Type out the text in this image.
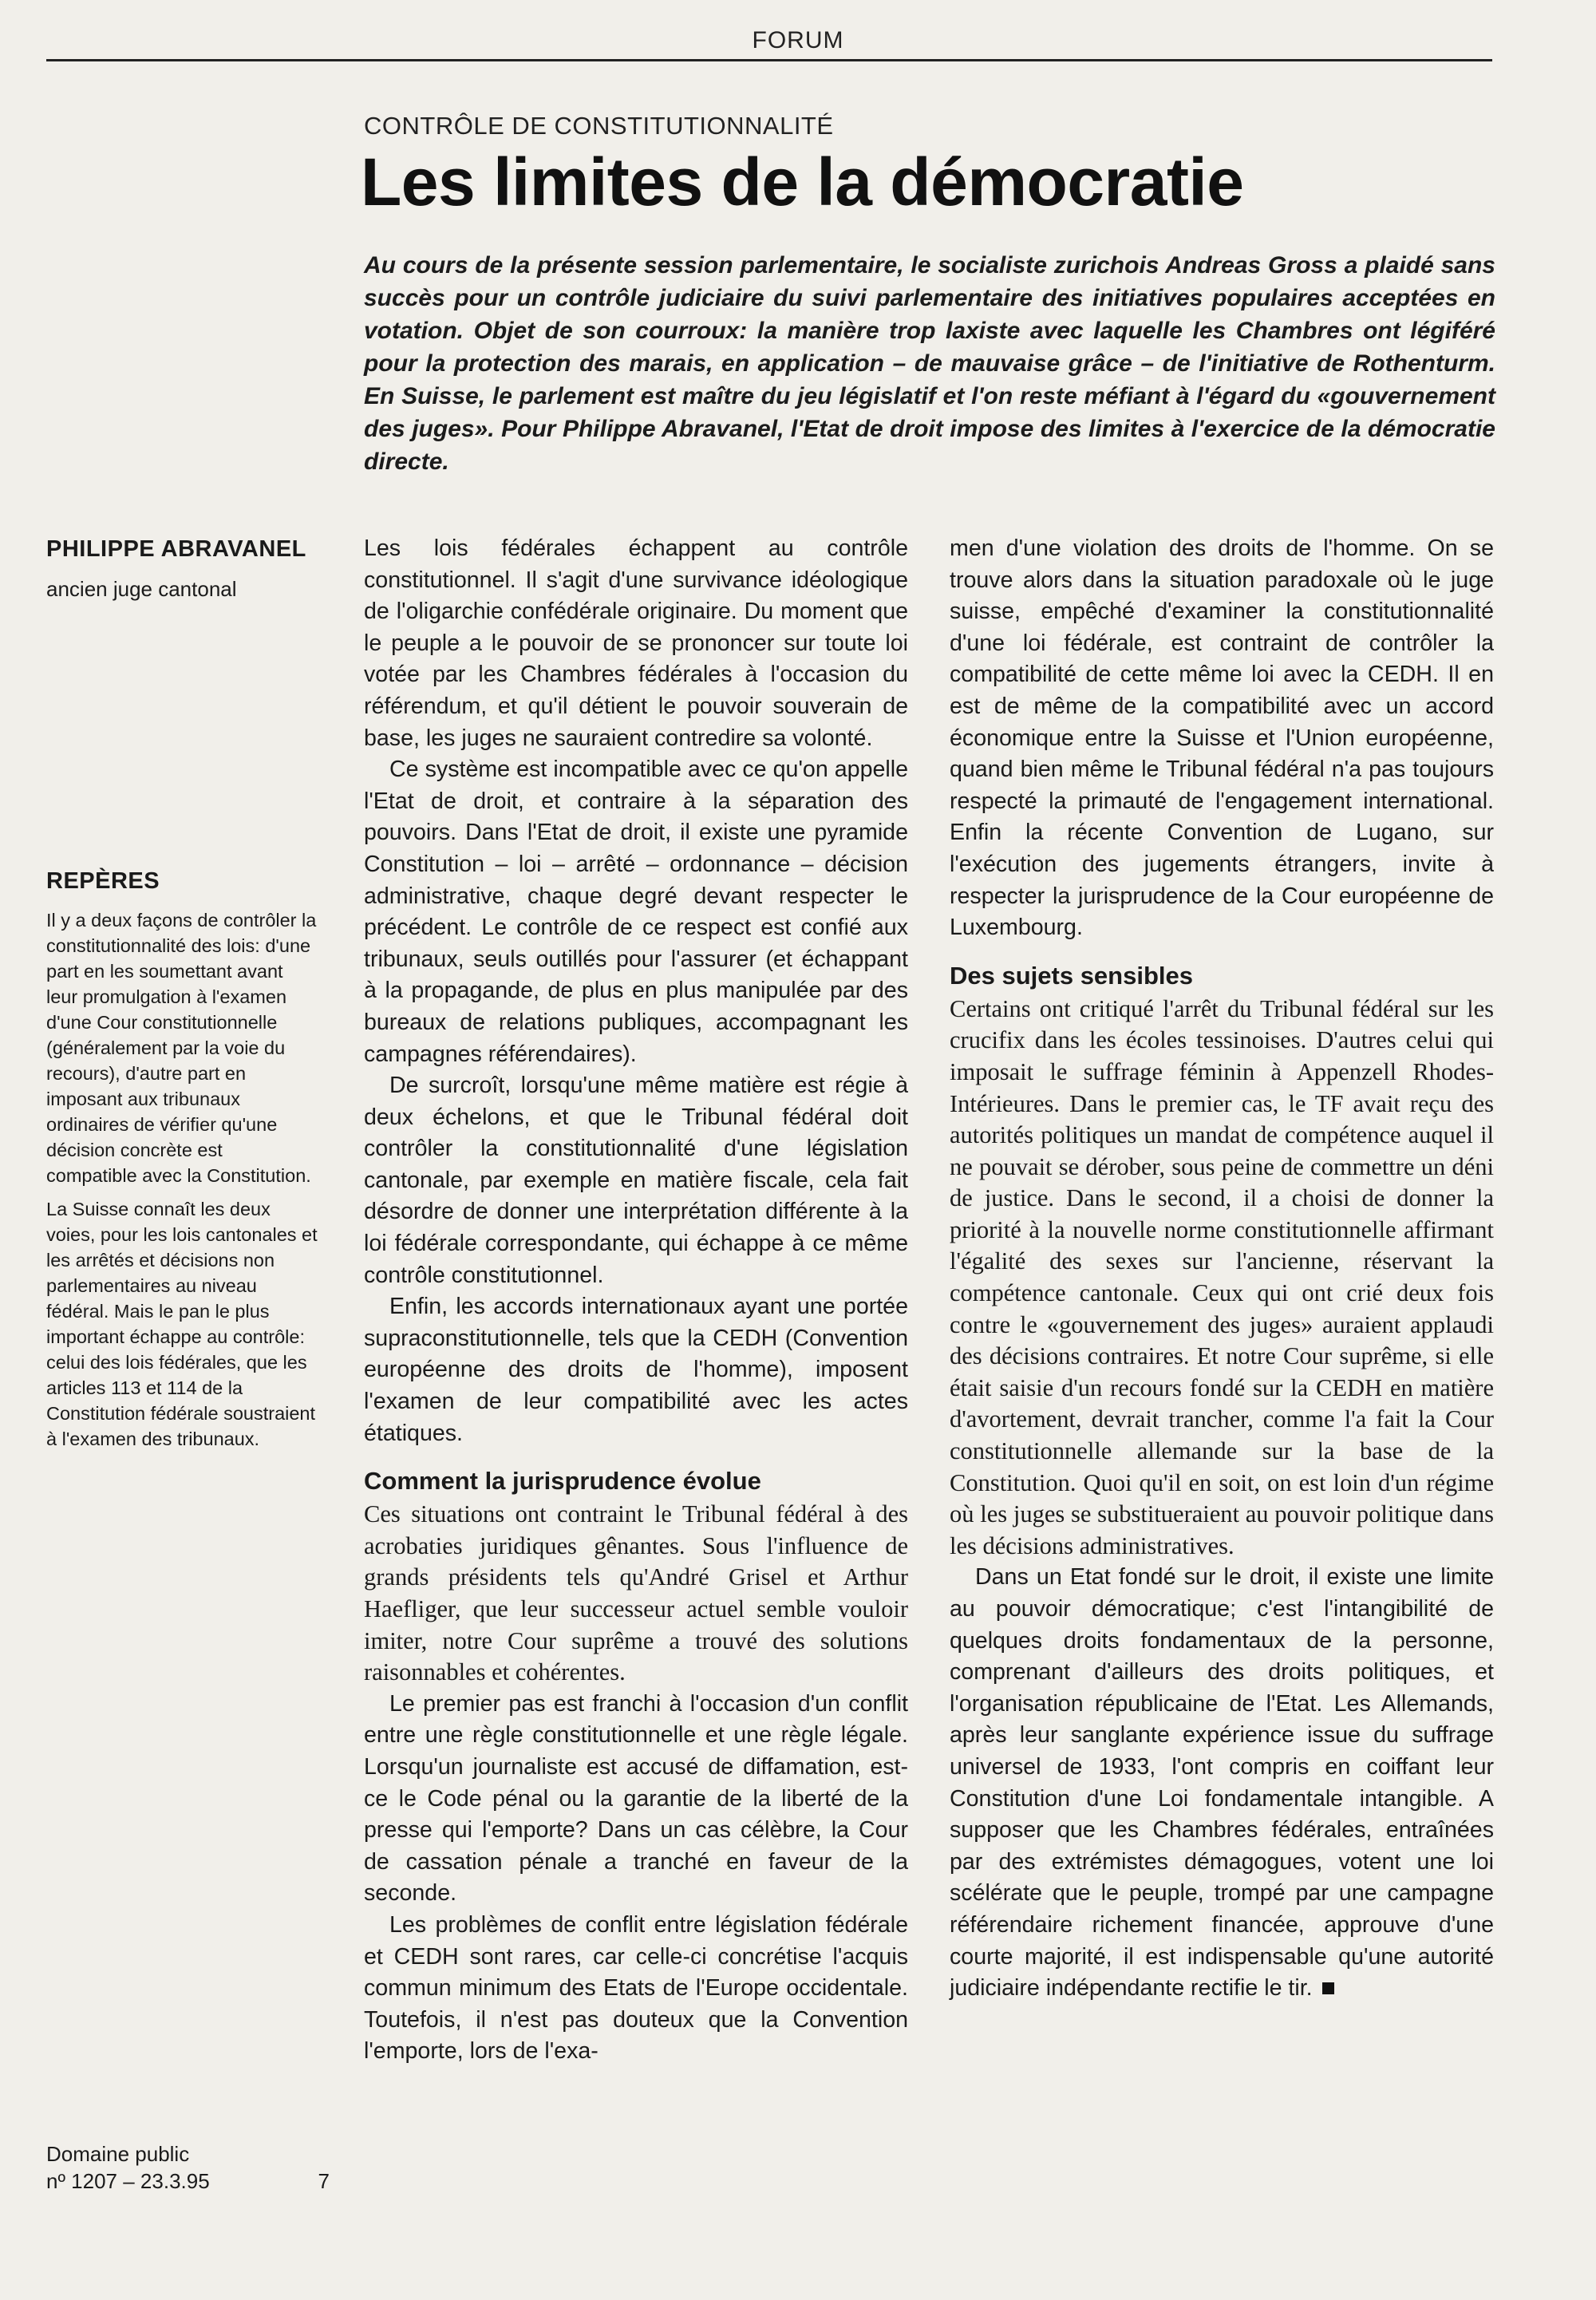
FORUM
CONTRÔLE DE CONSTITUTIONNALITÉ
Les limites de la démocratie

Au cours de la présente session parlementaire, le socialiste zurichois Andreas Gross a plaidé sans succès pour un contrôle judiciaire du suivi parlementaire des initiatives populaires acceptées en votation. Objet de son courroux: la manière trop laxiste avec laquelle les Chambres ont légiféré pour la protection des marais, en application – de mauvaise grâce – de l'initiative de Rothenturm. En Suisse, le parlement est maître du jeu législatif et l'on reste méfiant à l'égard du «gouvernement des juges». Pour Philippe Abravanel, l'Etat de droit impose des limites à l'exercice de la démocratie directe.

PHILIPPE ABRAVANEL
ancien juge cantonal
REPÈRES

Il y a deux façons de contrôler la constitutionnalité des lois: d'une part en les soumettant avant leur promulgation à l'examen d'une Cour constitutionnelle (généralement par la voie du recours), d'autre part en imposant aux tribunaux ordinaires de vérifier qu'une décision concrète est compatible avec la Constitution.

La Suisse connaît les deux voies, pour les lois cantonales et les arrêtés et décisions non parlementaires au niveau fédéral. Mais le pan le plus important échappe au contrôle: celui des lois fédérales, que les articles 113 et 114 de la Constitution fédérale soustraient à l'examen des tribunaux.

Domaine public
nº 1207 – 23.3.95	7

Les lois fédérales échappent au contrôle constitutionnel. Il s'agit d'une survivance idéologique de l'oligarchie confédérale originaire. Du moment que le peuple a le pouvoir de se prononcer sur toute loi votée par les Chambres fédérales à l'occasion du référendum, et qu'il détient le pouvoir souverain de base, les juges ne sauraient contredire sa volonté.

Ce système est incompatible avec ce qu'on appelle l'Etat de droit, et contraire à la séparation des pouvoirs. Dans l'Etat de droit, il existe une pyramide Constitution – loi – arrêté – ordonnance – décision administrative, chaque degré devant respecter le précédent. Le contrôle de ce respect est confié aux tribunaux, seuls outillés pour l'assurer (et échappant à la propagande, de plus en plus manipulée par des bureaux de relations publiques, accompagnant les campagnes référendaires).

De surcroît, lorsqu'une même matière est régie à deux échelons, et que le Tribunal fédéral doit contrôler la constitutionnalité d'une législation cantonale, par exemple en matière fiscale, cela fait désordre de donner une interprétation différente à la loi fédérale correspondante, qui échappe à ce même contrôle constitutionnel.

Enfin, les accords internationaux ayant une portée supraconstitutionnelle, tels que la CEDH (Convention européenne des droits de l'homme), imposent l'examen de leur compatibilité avec les actes étatiques.

Comment la jurisprudence évolue

Ces situations ont contraint le Tribunal fédéral à des acrobaties juridiques gênantes. Sous l'influence de grands présidents tels qu'André Grisel et Arthur Haefliger, que leur successeur actuel semble vouloir imiter, notre Cour suprême a trouvé des solutions raisonnables et cohérentes.

Le premier pas est franchi à l'occasion d'un conflit entre une règle constitutionnelle et une règle légale. Lorsqu'un journaliste est accusé de diffamation, est-ce le Code pénal ou la garantie de la liberté de la presse qui l'emporte? Dans un cas célèbre, la Cour de cassation pénale a tranché en faveur de la seconde.

Les problèmes de conflit entre législation fédérale et CEDH sont rares, car celle-ci concrétise l'acquis commun minimum des Etats de l'Europe occidentale. Toutefois, il n'est pas douteux que la Convention l'emporte, lors de l'exa-

men d'une violation des droits de l'homme. On se trouve alors dans la situation paradoxale où le juge suisse, empêché d'examiner la constitutionnalité d'une loi fédérale, est contraint de contrôler la compatibilité de cette même loi avec la CEDH. Il en est de même de la compatibilité avec un accord économique entre la Suisse et l'Union européenne, quand bien même le Tribunal fédéral n'a pas toujours respecté la primauté de l'engagement international. Enfin la récente Convention de Lugano, sur l'exécution des jugements étrangers, invite à respecter la jurisprudence de la Cour européenne de Luxembourg.

Des sujets sensibles

Certains ont critiqué l'arrêt du Tribunal fédéral sur les crucifix dans les écoles tessinoises. D'autres celui qui imposait le suffrage féminin à Appenzell Rhodes-Intérieures. Dans le premier cas, le TF avait reçu des autorités politiques un mandat de compétence auquel il ne pouvait se dérober, sous peine de commettre un déni de justice. Dans le second, il a choisi de donner la priorité à la nouvelle norme constitutionnelle affirmant l'égalité des sexes sur l'ancienne, réservant la compétence cantonale. Ceux qui ont crié deux fois contre le «gouvernement des juges» auraient applaudi des décisions contraires. Et notre Cour suprême, si elle était saisie d'un recours fondé sur la CEDH en matière d'avortement, devrait trancher, comme l'a fait la Cour constitutionnelle allemande sur la base de la Constitution. Quoi qu'il en soit, on est loin d'un régime où les juges se substitueraient au pouvoir politique dans les décisions administratives.

Dans un Etat fondé sur le droit, il existe une limite au pouvoir démocratique; c'est l'intangibilité de quelques droits fondamentaux de la personne, comprenant d'ailleurs des droits politiques, et l'organisation républicaine de l'Etat. Les Allemands, après leur sanglante expérience issue du suffrage universel de 1933, l'ont compris en coiffant leur Constitution d'une Loi fondamentale intangible. A supposer que les Chambres fédérales, entraînées par des extrémistes démagogues, votent une loi scélérate que le peuple, trompé par une campagne référendaire richement financée, approuve d'une courte majorité, il est indispensable qu'une autorité judiciaire indépendante rectifie le tir.
